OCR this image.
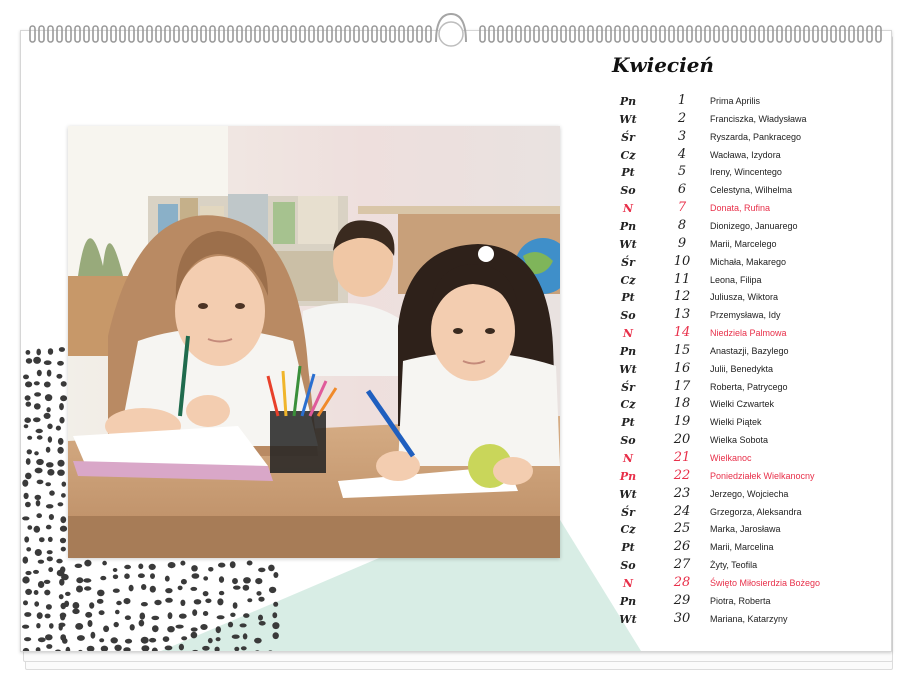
Kwiecień
Pn	1	Prima Aprilis
Wt	2	Franciszka, Władysława
Śr	3	Ryszarda, Pankracego
Cz	4	Wacława, Izydora
Pt	5	Ireny, Wincentego
So	6	Celestyna, Wilhelma
N	7	Donata, Rufina
Pn	8	Dionizego, Januarego
Wt	9	Marii, Marcelego
Śr	10	Michała, Makarego
Cz	11	Leona, Filipa
Pt	12	Juliusza, Wiktora
So	13	Przemysława, Idy
N	14	Niedziela Palmowa
Pn	15	Anastazji, Bazylego
Wt	16	Julii, Benedykta
Śr	17	Roberta, Patrycego
Cz	18	Wielki Czwartek
Pt	19	Wielki Piątek
So	20	Wielka Sobota
N	21	Wielkanoc
Pn	22	Poniedziałek Wielkanocny
Wt	23	Jerzego, Wojciecha
Śr	24	Grzegorza, Aleksandra
Cz	25	Marka, Jarosława
Pt	26	Marii, Marcelina
So	27	Żyty, Teofila
N	28	Święto Miłosierdzia Bożego
Pn	29	Piotra, Roberta
Wt	30	Mariana, Katarzyny
